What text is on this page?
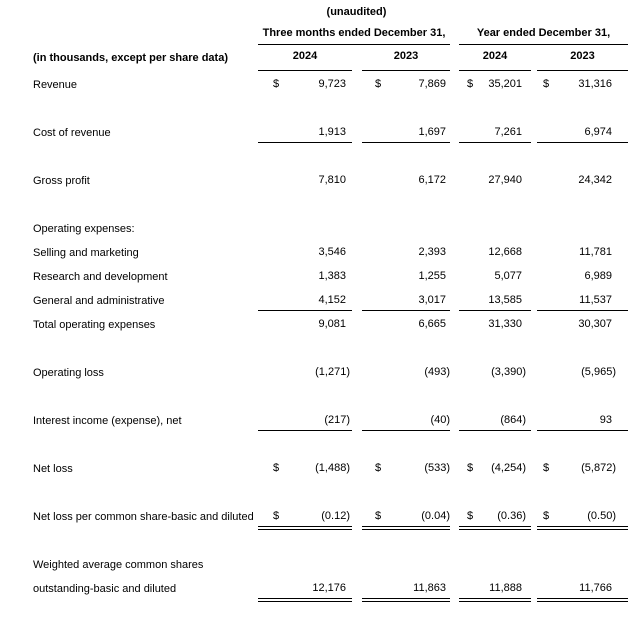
(unaudited)
Three months ended December 31,	Year ended December 31,
(in thousands, except per share data)	2024	2023	2024	2023
Revenue	$	9,723	$	7,869	$ 35,201	$	31,316
Cost of revenue	1,913	1,697	7,261	6,974
Gross profit	7,810	6,172	27,940	24,342
Operating expenses:
Selling and marketing	3,546	2,393	12,668	11,781
Research and development	1,383	1,255	5,077	6,989
General and administrative	4,152	3,017	13,585	11,537
Total operating expenses	9,081	6,665	31,330	30,307
Operating loss	(1,271)	(493)	(3,390)	(5,965)
Interest income (expense), net	(217)	(40)	(864)	93
Net loss	$	(1,488)	$	(533)	$ (4,254)	$	(5,872)
Net loss per common share-basic and diluted	$	(0.12)	$	(0.04)	$ (0.36)	$	(0.50)
Weighted average common shares
outstanding-basic and diluted	12,176	11,863	11,888	11,766
